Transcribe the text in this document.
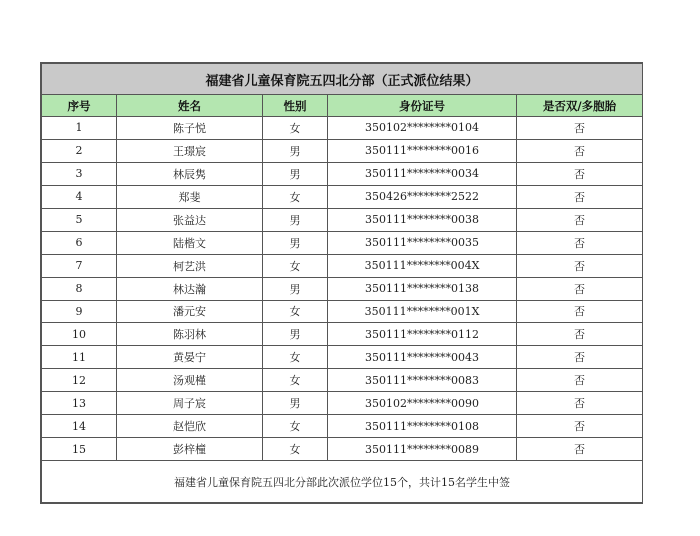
福建省儿童保育院五四北分部（正式派位结果）				
序号	姓名	性别	身份证号	是否双/多胞胎
1	陈子悦	女	350102********0104	否
2	王璟宸	男	350111********0016	否
3	林辰隽	男	350111********0034	否
4	郑斐	女	350426********2522	否
5	张益达	男	350111********0038	否
6	陆楷文	男	350111********0035	否
7	柯艺洪	女	350111********004X	否
8	林达瀚	男	350111********0138	否
9	潘元安	女	350111********001X	否
10	陈羽林	男	350111********0112	否
11	黄晏宁	女	350111********0043	否
12	汤观槿	女	350111********0083	否
13	周子宸	男	350102********0090	否
14	赵恺欣	女	350111********0108	否
15	彭梓橦	女	350111********0089	否
福建省儿童保育院五四北分部此次派位学位15个，共计15名学生中签				
